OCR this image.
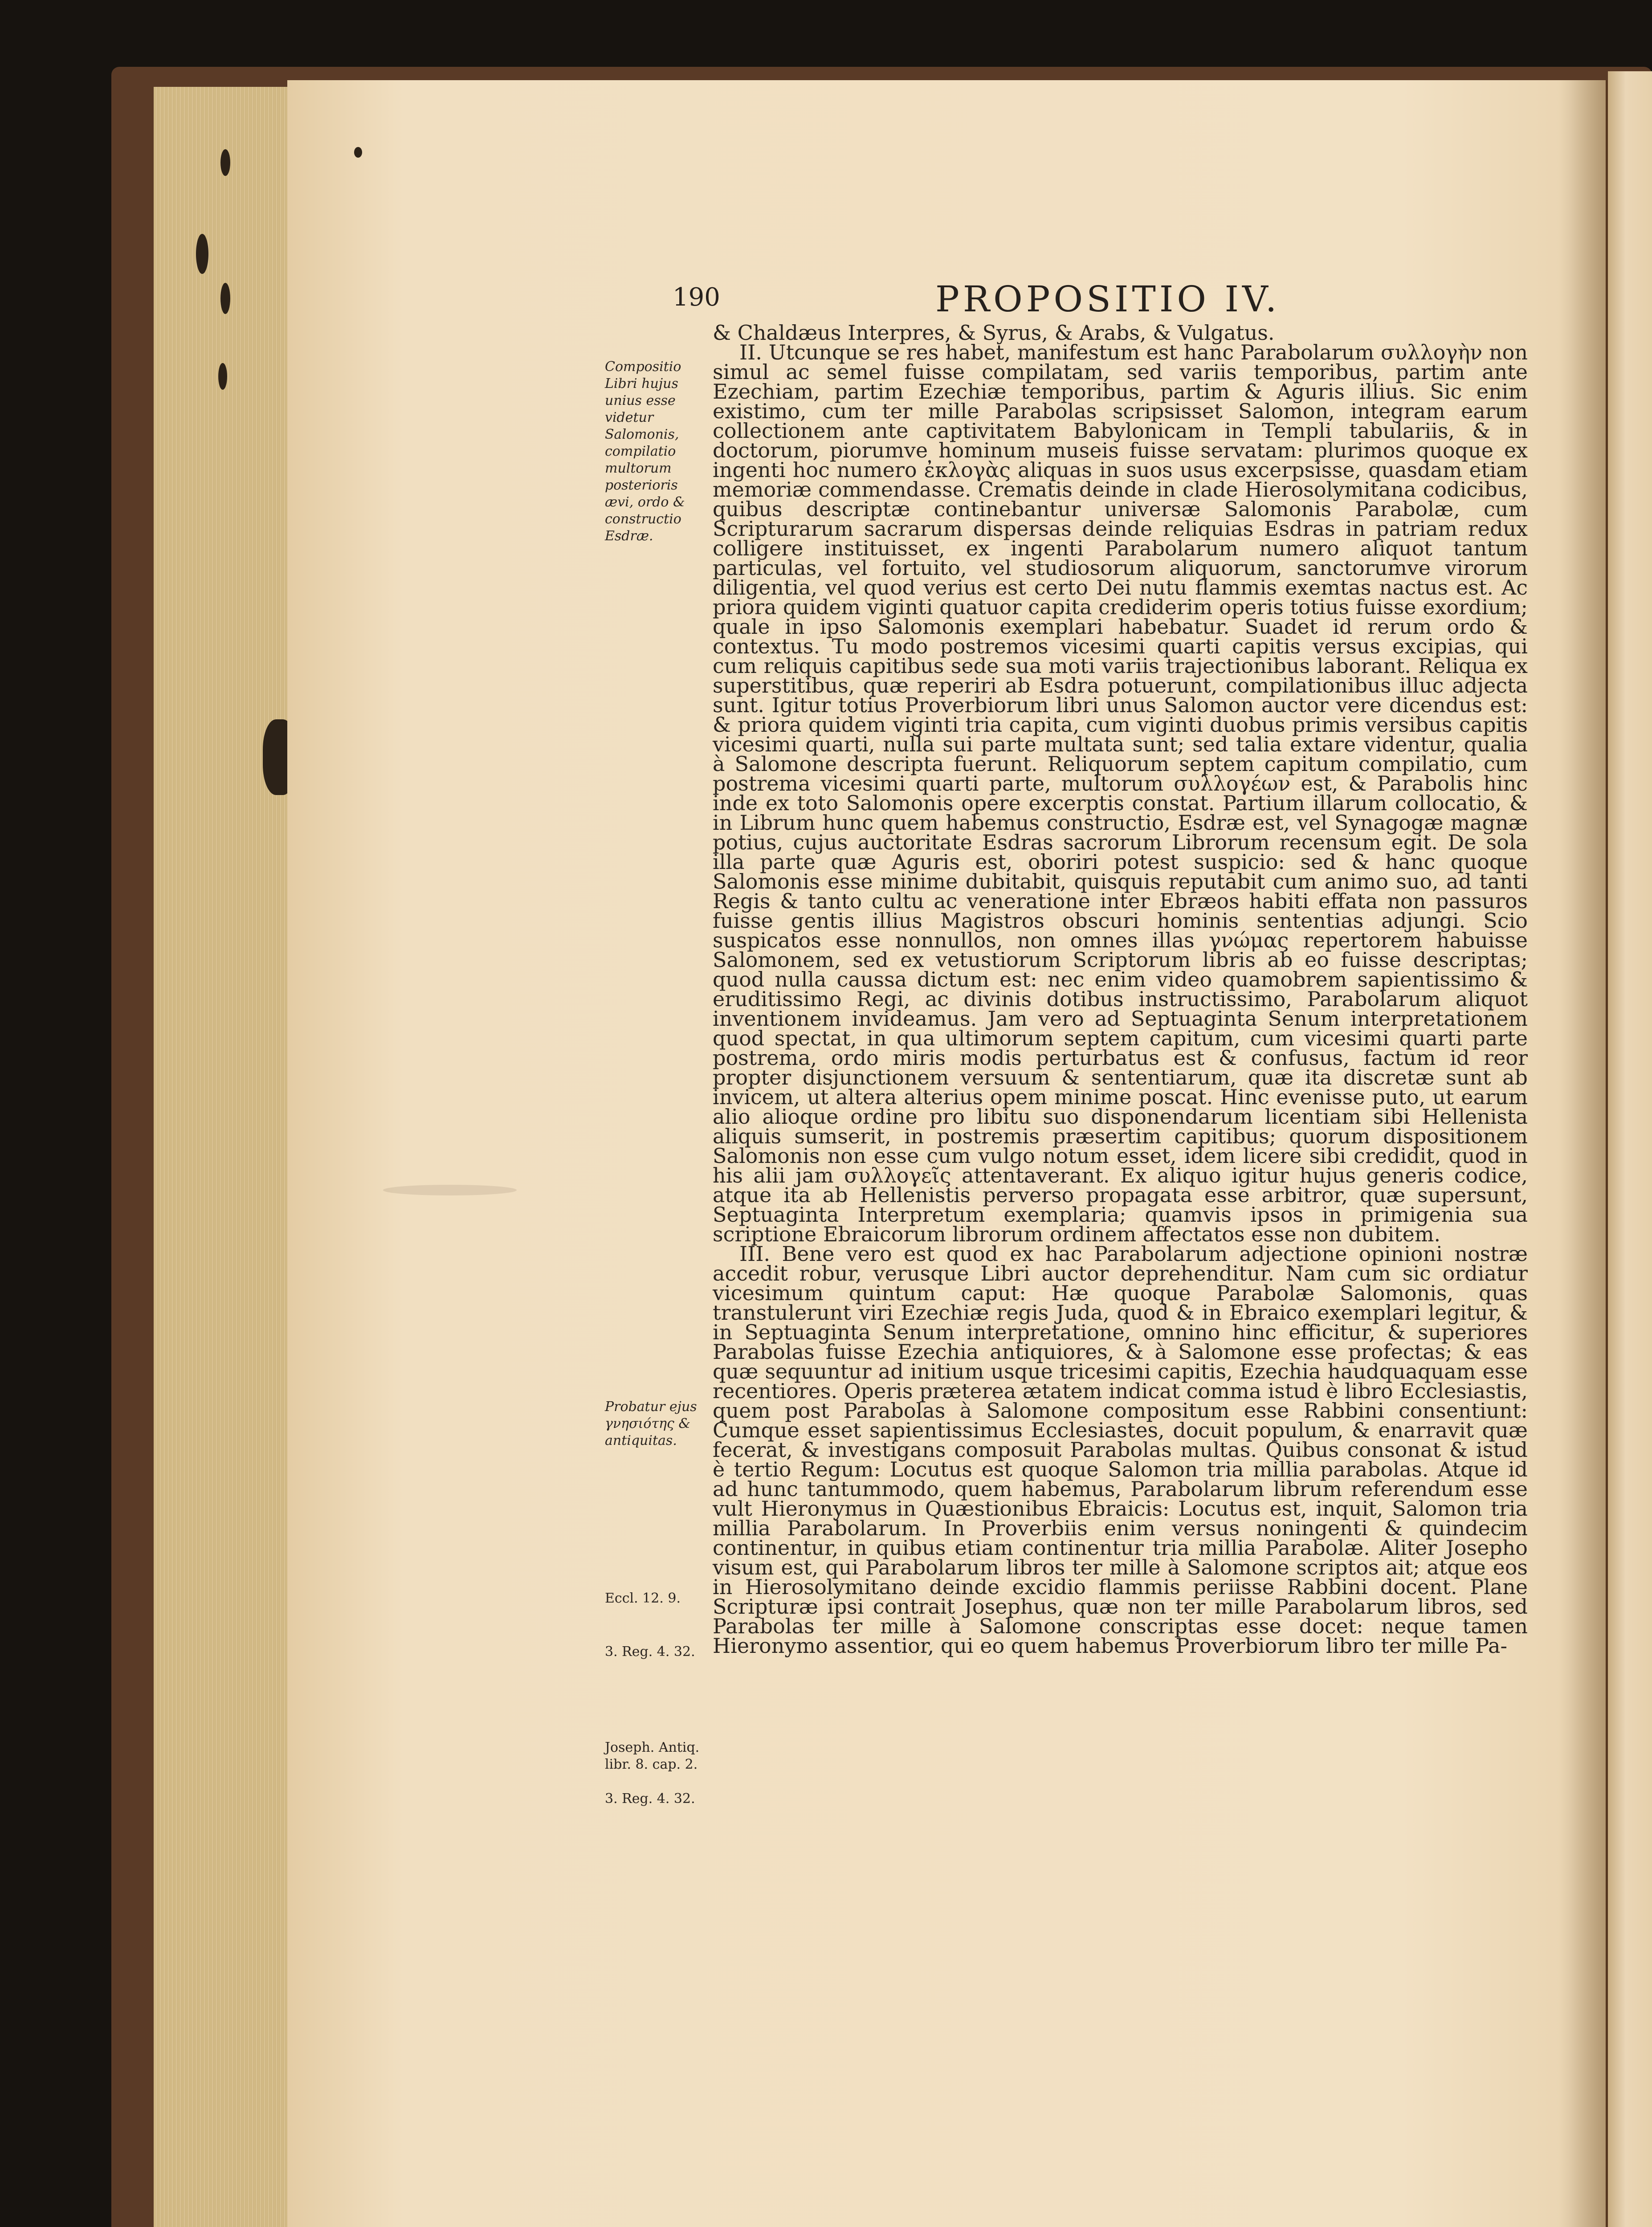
190	PROPOSITIO IV.
Compositio Libri hujus unius esse videtur Salomonis, compilatio multorum posterioris ævi, ordo & constructio Esdræ.
Probatur ejus γνησιότης & antiquitas.
Eccl. 12. 9.
3. Reg. 4. 32.
Joseph. Antiq. libr. 8. cap. 2.
3. Reg. 4. 32.

& Chaldæus Interpres, & Syrus, & Arabs, & Vulgatus.

II. Utcunque se res habet, manifestum est hanc Parabolarum συλλογὴν non simul ac semel fuisse compilatam, sed variis temporibus, partim ante Ezechiam, partim Ezechiæ temporibus, partim & Aguris illius. Sic enim existimo, cum ter mille Parabolas scripsisset Salomon, integram earum collectionem ante captivitatem Babylonicam in Templi tabulariis, & in doctorum, piorumve hominum museis fuisse servatam: plurimos quoque ex ingenti hoc numero ἐκλογὰς aliquas in suos usus excerpsisse, quasdam etiam memoriæ commendasse. Crematis deinde in clade Hierosolymitana codicibus, quibus descriptæ continebantur universæ Salomonis Parabolæ, cum Scripturarum sacrarum dispersas deinde reliquias Esdras in patriam redux colligere instituisset, ex ingenti Parabolarum numero aliquot tantum particulas, vel fortuito, vel studiosorum aliquorum, sanctorumve virorum diligentia, vel quod verius est certo Dei nutu flammis exemtas nactus est. Ac priora quidem viginti quatuor capita crediderim operis totius fuisse exordium; quale in ipso Salomonis exemplari habebatur. Suadet id rerum ordo & contextus. Tu modo postremos vicesimi quarti capitis versus excipias, qui cum reliquis capitibus sede sua moti variis trajectionibus laborant. Reliqua ex superstitibus, quæ reperiri ab Esdra potuerunt, compilationibus illuc adjecta sunt. Igitur totius Proverbiorum libri unus Salomon auctor vere dicendus est: & priora quidem viginti tria capita, cum viginti duobus primis versibus capitis vicesimi quarti, nulla sui parte multata sunt; sed talia extare videntur, qualia à Salomone descripta fuerunt. Reliquorum septem capitum compilatio, cum postrema vicesimi quarti parte, multorum συλλογέων est, & Parabolis hinc inde ex toto Salomonis opere excerptis constat. Partium illarum collocatio, & in Librum hunc quem habemus constructio, Esdræ est, vel Synagogæ magnæ potius, cujus auctoritate Esdras sacrorum Librorum recensum egit. De sola illa parte quæ Aguris est, oboriri potest suspicio: sed & hanc quoque Salomonis esse minime dubitabit, quisquis reputabit cum animo suo, ad tanti Regis & tanto cultu ac veneratione inter Ebræos habiti effata non passuros fuisse gentis illius Magistros obscuri hominis sententias adjungi. Scio suspicatos esse nonnullos, non omnes illas γνώμας repertorem habuisse Salomonem, sed ex vetustiorum Scriptorum libris ab eo fuisse descriptas; quod nulla caussa dictum est: nec enim video quamobrem sapientissimo & eruditissimo Regi, ac divinis dotibus instructissimo, Parabolarum aliquot inventionem invideamus. Jam vero ad Septuaginta Senum interpretationem quod spectat, in qua ultimorum septem capitum, cum vicesimi quarti parte postrema, ordo miris modis perturbatus est & confusus, factum id reor propter disjunctionem versuum & sententiarum, quæ ita discretæ sunt ab invicem, ut altera alterius opem minime poscat. Hinc evenisse puto, ut earum alio alioque ordine pro libitu suo disponendarum licentiam sibi Hellenista aliquis sumserit, in postremis præsertim capitibus; quorum dispositionem Salomonis non esse cum vulgo notum esset, idem licere sibi credidit, quod in his alii jam συλλογεῖς attentaverant. Ex aliquo igitur hujus generis codice, atque ita ab Hellenistis perverso propagata esse arbitror, quæ supersunt, Septuaginta Interpretum exemplaria; quamvis ipsos in primigenia sua scriptione Ebraicorum librorum ordinem affectatos esse non dubitem.

III. Bene vero est quod ex hac Parabolarum adjectione opinioni nostræ accedit robur, verusque Libri auctor deprehenditur. Nam cum sic ordiatur vicesimum quintum caput: Hæ quoque Parabolæ Salomonis, quas transtulerunt viri Ezechiæ regis Juda, quod & in Ebraico exemplari legitur, & in Septuaginta Senum interpretatione, omnino hinc efficitur, & superiores Parabolas fuisse Ezechia antiquiores, & à Salomone esse profectas; & eas quæ sequuntur ad initium usque tricesimi capitis, Ezechia haudquaquam esse recentiores. Operis præterea ætatem indicat comma istud è libro Ecclesiastis, quem post Parabolas à Salomone compositum esse Rabbini consentiunt: Cumque esset sapientissimus Ecclesiastes, docuit populum, & enarravit quæ fecerat, & investigans composuit Parabolas multas. Quibus consonat & istud è tertio Regum: Locutus est quoque Salomon tria millia parabolas. Atque id ad hunc tantummodo, quem habemus, Parabolarum librum referendum esse vult Hieronymus in Quæstionibus Ebraicis: Locutus est, inquit, Salomon tria millia Parabolarum. In Proverbiis enim versus noningenti & quindecim continentur, in quibus etiam continentur tria millia Parabolæ. Aliter Josepho visum est, qui Parabolarum libros ter mille à Salomone scriptos ait; atque eos in Hierosolymitano deinde excidio flammis periisse Rabbini docent. Plane Scripturæ ipsi contrait Josephus, quæ non ter mille Parabolarum libros, sed Parabolas ter mille à Salomone conscriptas esse docet: neque tamen Hieronymo assentior, qui eo quem habemus Proverbiorum libro ter mille Pa-
